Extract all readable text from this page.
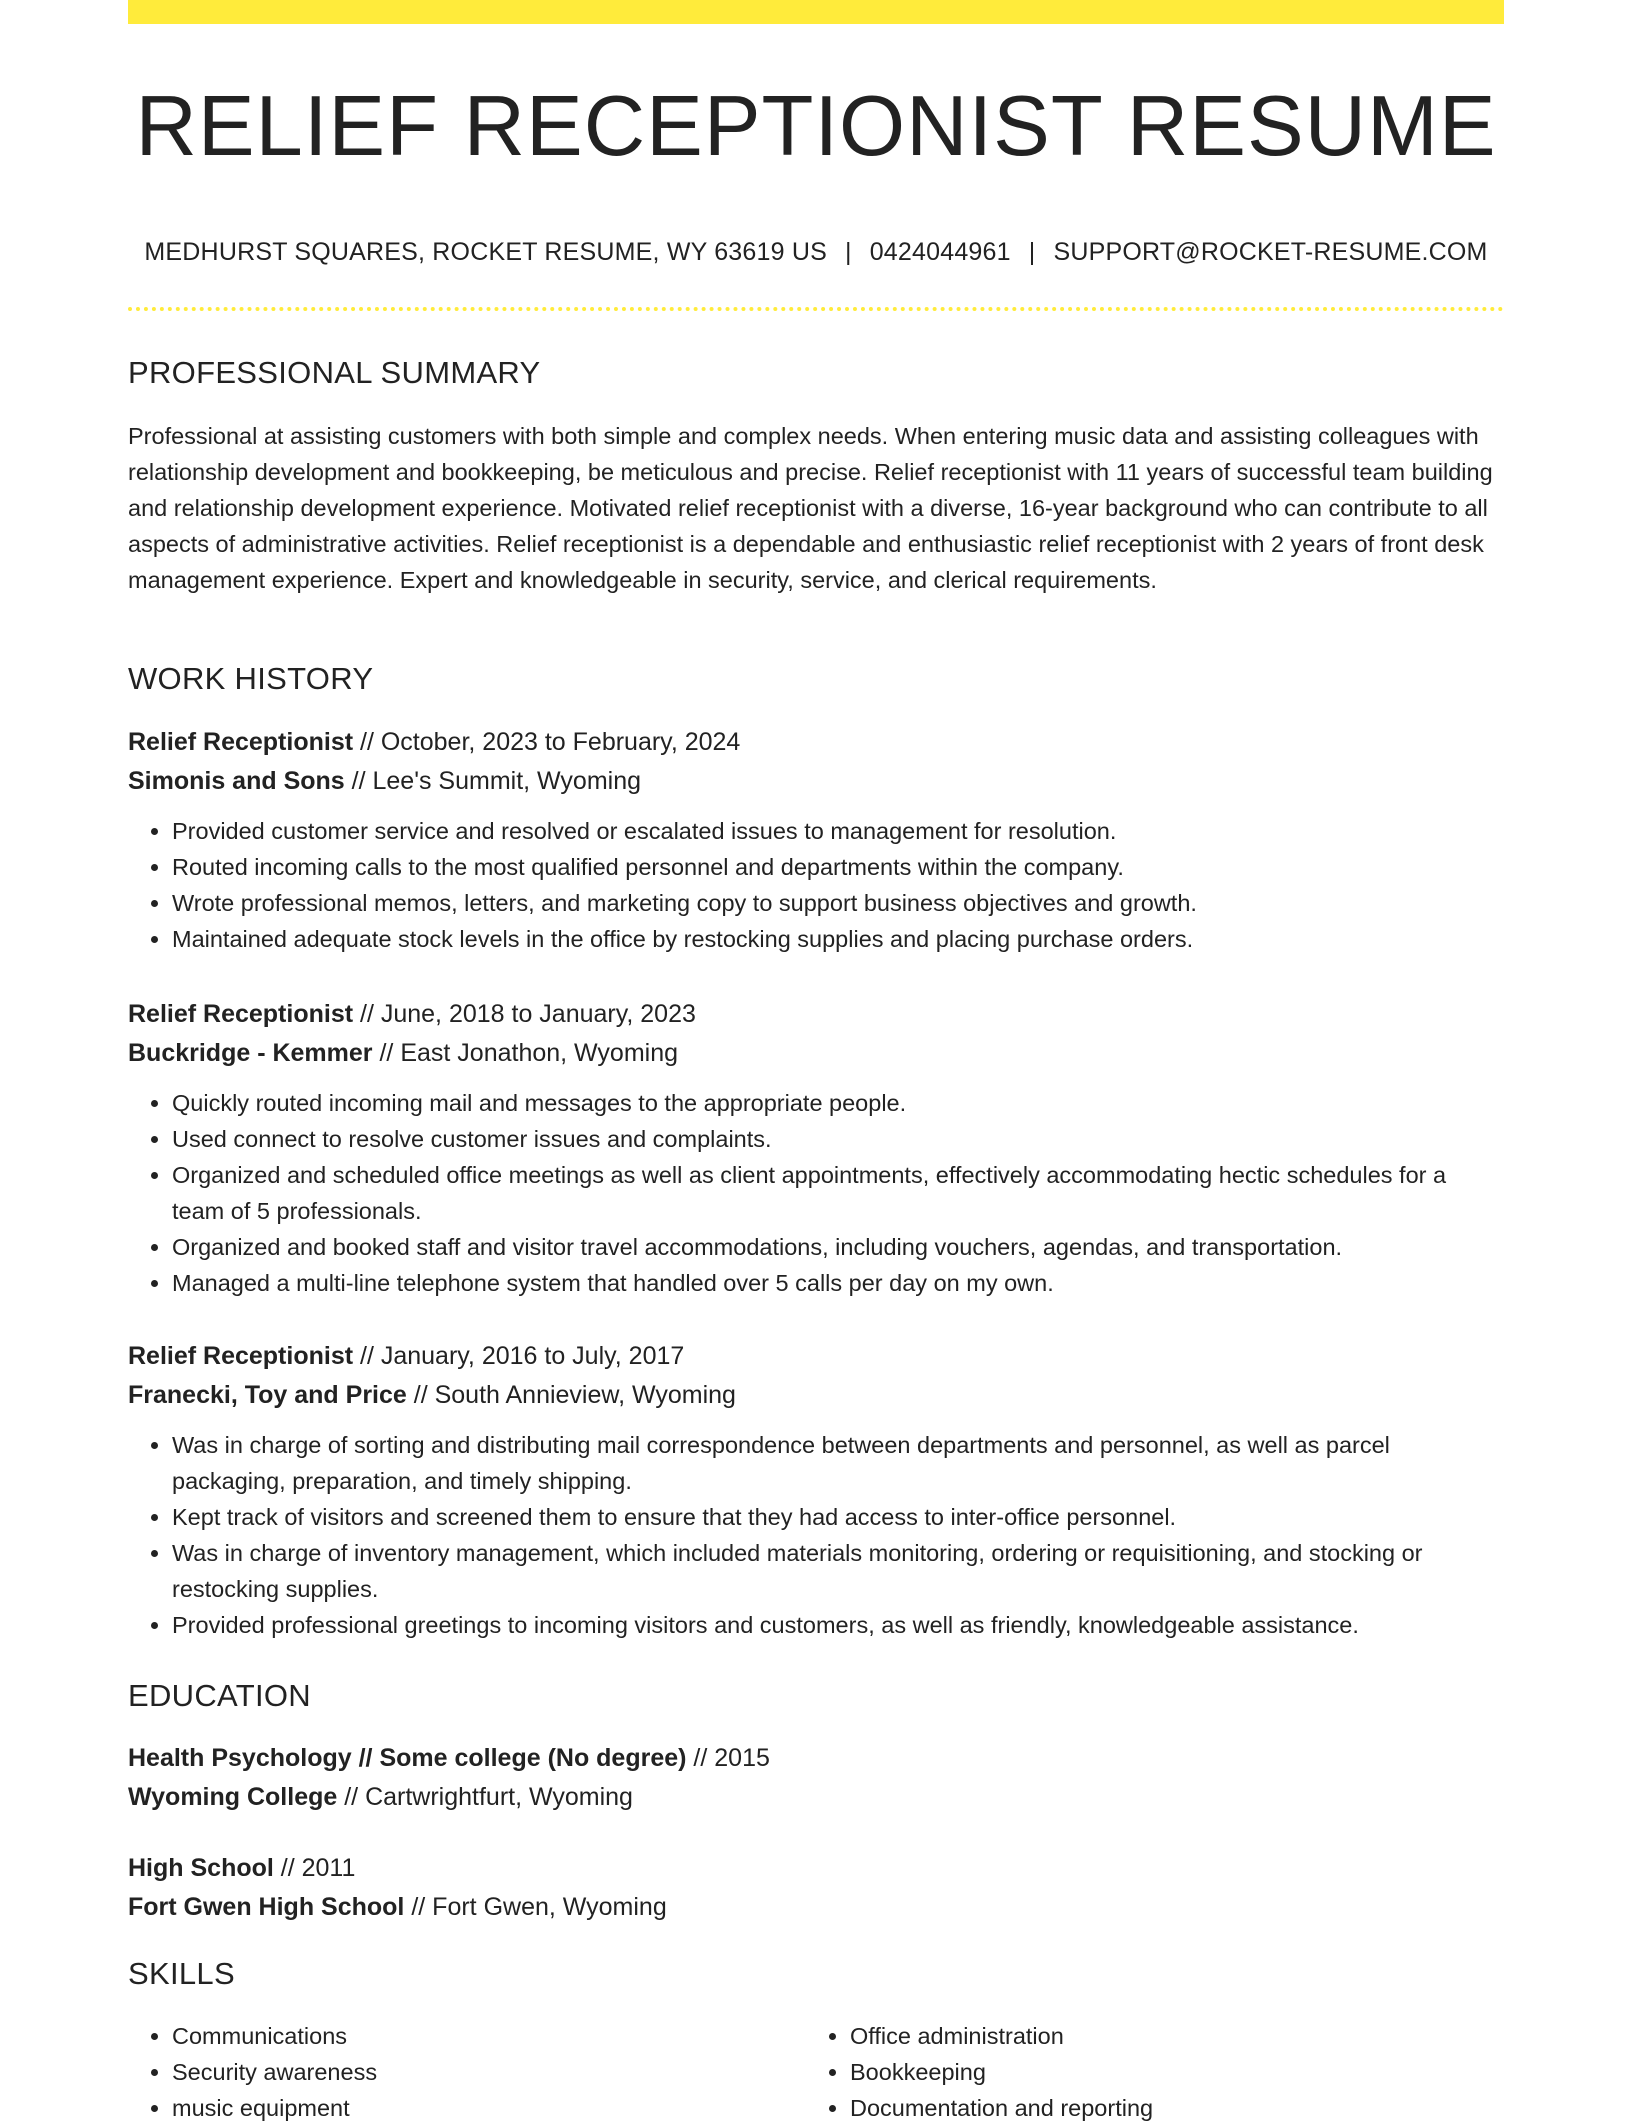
RELIEF RECEPTIONIST RESUME
MEDHURST SQUARES, ROCKET RESUME, WY 63619 US | 0424044961 | SUPPORT@ROCKET-RESUME.COM
PROFESSIONAL SUMMARY
Professional at assisting customers with both simple and complex needs. When entering music data and assisting colleagues with relationship development and bookkeeping, be meticulous and precise. Relief receptionist with 11 years of successful team building and relationship development experience. Motivated relief receptionist with a diverse, 16-year background who can contribute to all aspects of administrative activities. Relief receptionist is a dependable and enthusiastic relief receptionist with 2 years of front desk management experience. Expert and knowledgeable in security, service, and clerical requirements.
WORK HISTORY
Relief Receptionist // October, 2023 to February, 2024
Simonis and Sons // Lee's Summit, Wyoming
• Provided customer service and resolved or escalated issues to management for resolution.
• Routed incoming calls to the most qualified personnel and departments within the company.
• Wrote professional memos, letters, and marketing copy to support business objectives and growth.
• Maintained adequate stock levels in the office by restocking supplies and placing purchase orders.
Relief Receptionist // June, 2018 to January, 2023
Buckridge - Kemmer // East Jonathon, Wyoming
• Quickly routed incoming mail and messages to the appropriate people.
• Used connect to resolve customer issues and complaints.
• Organized and scheduled office meetings as well as client appointments, effectively accommodating hectic schedules for a team of 5 professionals.
• Organized and booked staff and visitor travel accommodations, including vouchers, agendas, and transportation.
• Managed a multi-line telephone system that handled over 5 calls per day on my own.
Relief Receptionist // January, 2016 to July, 2017
Franecki, Toy and Price // South Annieview, Wyoming
• Was in charge of sorting and distributing mail correspondence between departments and personnel, as well as parcel packaging, preparation, and timely shipping.
• Kept track of visitors and screened them to ensure that they had access to inter-office personnel.
• Was in charge of inventory management, which included materials monitoring, ordering or requisitioning, and stocking or restocking supplies.
• Provided professional greetings to incoming visitors and customers, as well as friendly, knowledgeable assistance.
EDUCATION
Health Psychology // Some college (No degree) // 2015
Wyoming College // Cartwrightfurt, Wyoming
High School // 2011
Fort Gwen High School // Fort Gwen, Wyoming
SKILLS
• Communications
• Security awareness
• music equipment
• Office administration
• Bookkeeping
• Documentation and reporting
